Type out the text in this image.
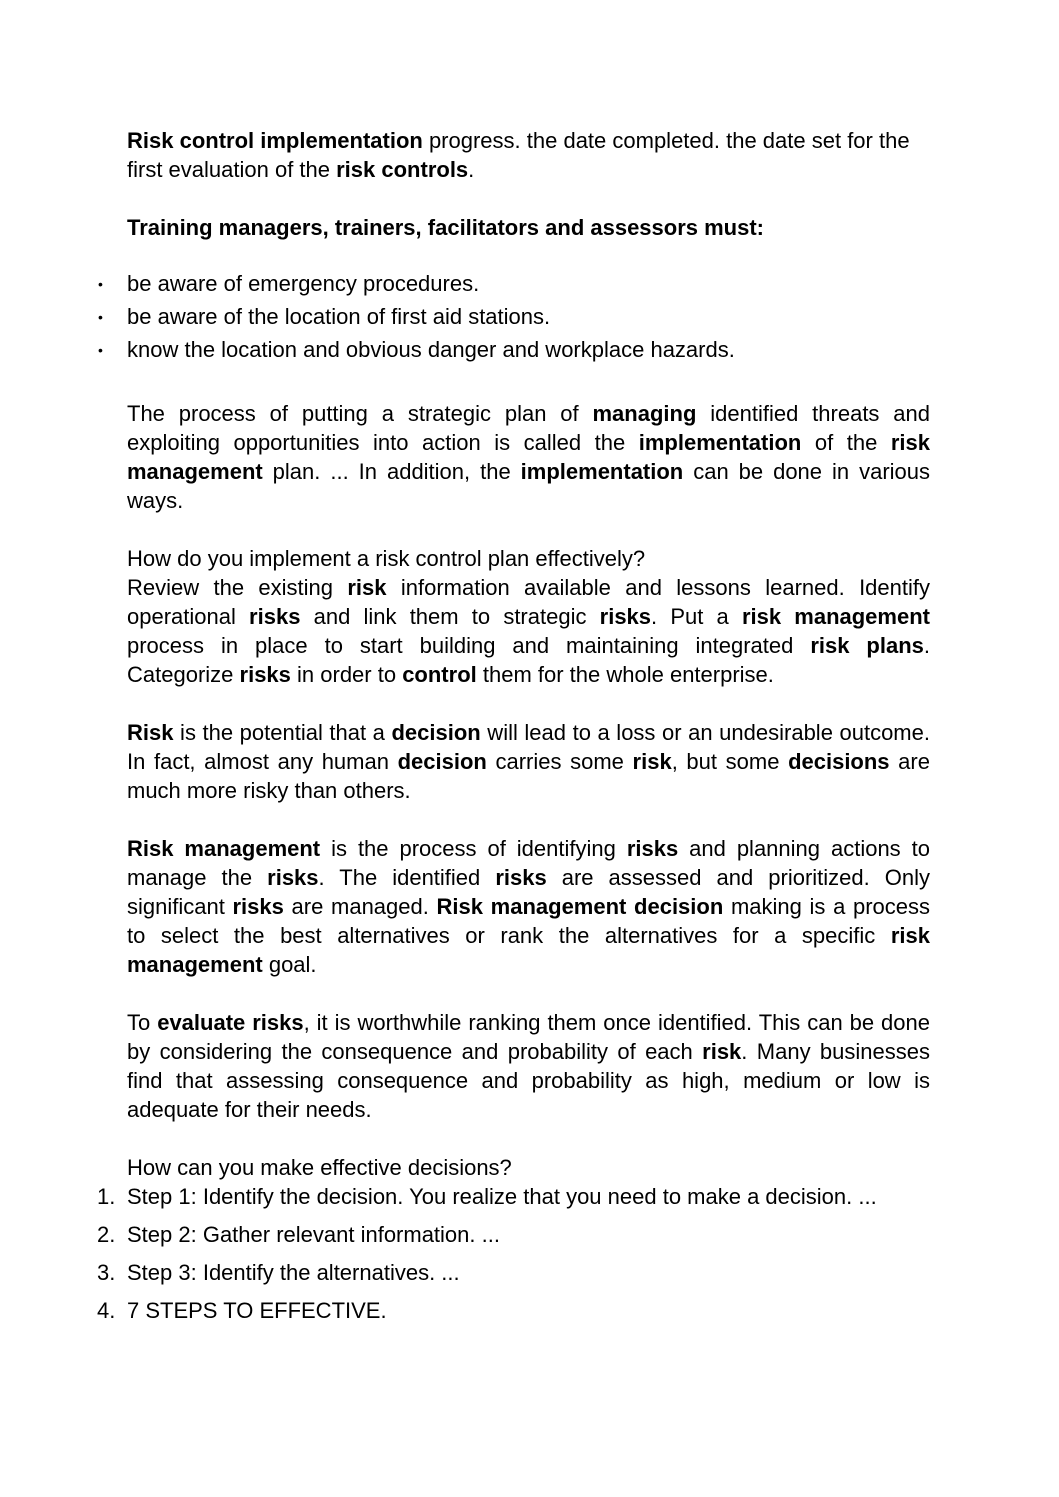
Risk control implementation progress. the date completed. the date set for the first evaluation of the risk controls.

Training managers, trainers, facilitators and assessors must:

• be aware of emergency procedures.
• be aware of the location of first aid stations.
• know the location and obvious danger and workplace hazards.

The process of putting a strategic plan of managing identified threats and exploiting opportunities into action is called the implementation of the risk management plan. ... In addition, the implementation can be done in various ways.

How do you implement a risk control plan effectively?

Review the existing risk information available and lessons learned. Identify operational risks and link them to strategic risks. Put a risk management process in place to start building and maintaining integrated risk plans. Categorize risks in order to control them for the whole enterprise.

Risk is the potential that a decision will lead to a loss or an undesirable outcome. In fact, almost any human decision carries some risk, but some decisions are much more risky than others.

Risk management is the process of identifying risks and planning actions to manage the risks. The identified risks are assessed and prioritized. Only significant risks are managed. Risk management decision making is a process to select the best alternatives or rank the alternatives for a specific risk management goal.

To evaluate risks, it is worthwhile ranking them once identified. This can be done by considering the consequence and probability of each risk. Many businesses find that assessing consequence and probability as high, medium or low is adequate for their needs.

How can you make effective decisions?

1. Step 1: Identify the decision. You realize that you need to make a decision. ...
2. Step 2: Gather relevant information. ...
3. Step 3: Identify the alternatives. ...
4. 7 STEPS TO EFFECTIVE.
